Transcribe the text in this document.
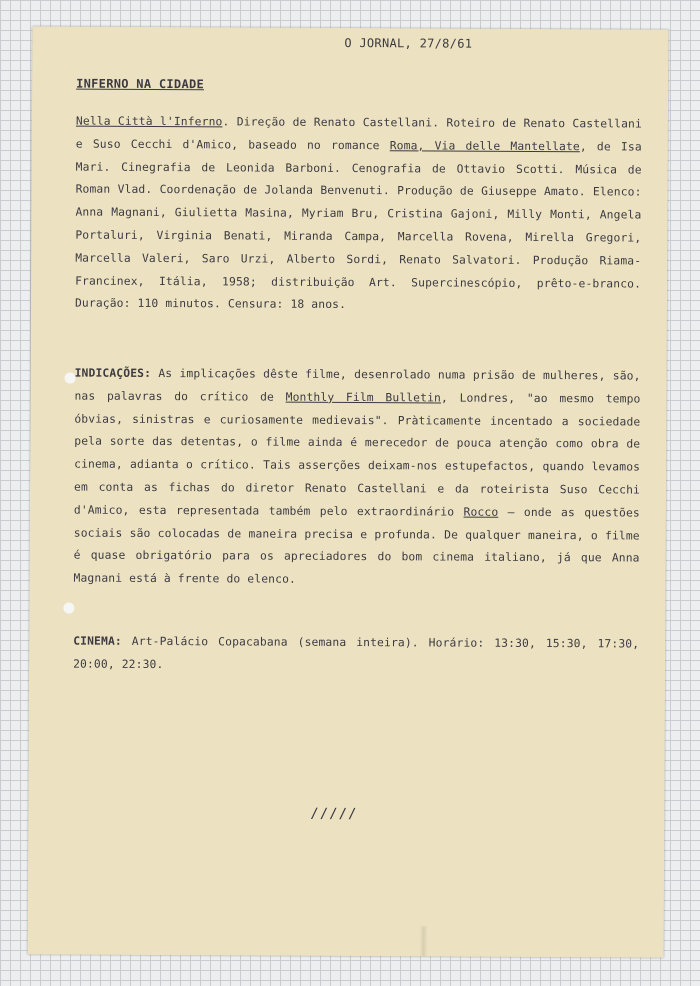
O JORNAL, 27/8/61
INFERNO NA CIDADE
Nella Città l'Inferno. Direção de Renato Castellani. Roteiro de Renato Castellani e Suso Cecchi d'Amico, baseado no romance Roma, Via delle Mantellate, de Isa Mari. Cinegrafia de Leonida Barboni. Cenografia de Ottavio Scotti. Música de Roman Vlad. Coordenação de Jolanda Benvenuti. Produção de Giuseppe Amato. Elenco: Anna Magnani, Giulietta Masina, Myriam Bru, Cristina Gajoni, Milly Monti, Angela Portaluri, Virginia Benati, Miranda Campa, Marcella Rovena, Mirella Gregori, Marcella Valeri, Saro Urzi, Alberto Sordi, Renato Salvatori. Produção Riama-Francinex, Itália, 1958; distribuição Art. Supercinescópio, prêto-e-branco. Duração: 110 minutos. Censura: 18 anos.
INDICAÇÕES: As implicações dêste filme, desenrolado numa prisão de mulheres, são, nas palavras do crítico de Monthly Film Bulletin, Londres, "ao mesmo tempo óbvias, sinistras e curiosamente medievais". Pràticamente incentado a sociedade pela sorte das detentas, o filme ainda é merecedor de pouca atenção como obra de cinema, adianta o crítico. Tais asserções deixam-nos estupefactos, quando levamos em conta as fichas do diretor Renato Castellani e da roteirista Suso Cecchi d'Amico, esta representada também pelo extraordinário Rocco — onde as questões sociais são colocadas de maneira precisa e profunda. De qualquer maneira, o filme é quase obrigatório para os apreciadores do bom cinema italiano, já que Anna Magnani está à frente do elenco.
CINEMA: Art-Palácio Copacabana (semana inteira). Horário: 13:30, 15:30, 17:30, 20:00, 22:30.
/////
